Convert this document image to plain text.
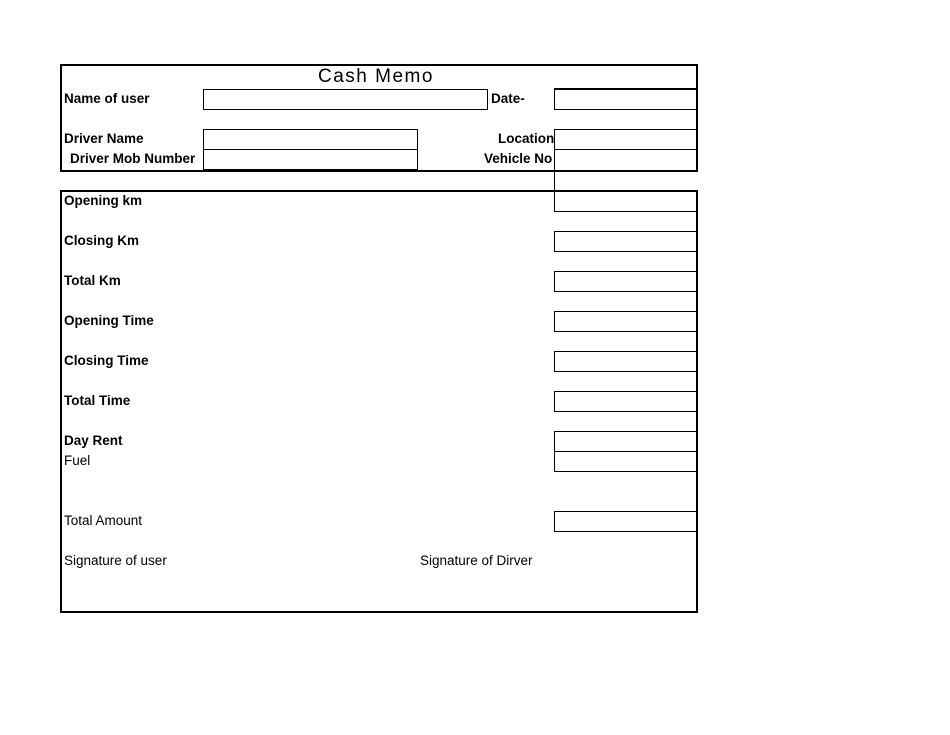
Cash Memo
Name of user	Date-
Driver Name	Location
Driver Mob Number	Vehicle No
Opening km
Closing Km
Total Km
Opening Time
Closing Time
Total Time
Day Rent
Fuel
Total Amount
Signature of user	Signature of Dirver
